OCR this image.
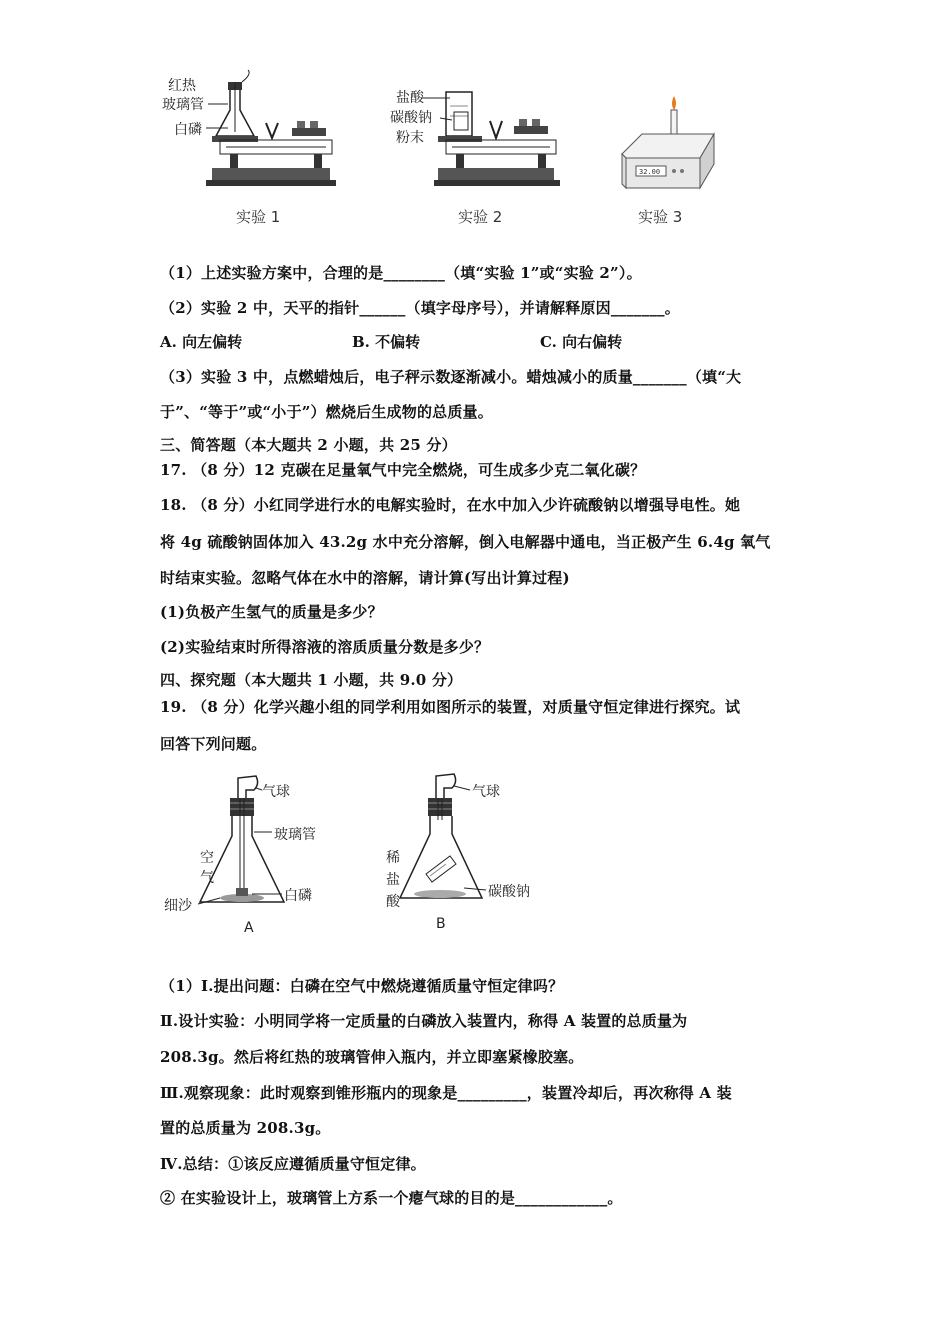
红热
玻璃管
白磷
实验 1
盐酸
碳酸钠
粉末
实验 2
32.00
实验 3
（1）上述实验方案中，合理的是________（填“实验 1”或“实验 2”）。
（2）实验 2 中，天平的指针______（填字母序号），并请解释原因_______。
A. 向左偏转	B. 不偏转	C. 向右偏转
（3）实验 3 中，点燃蜡烛后，电子秤示数逐渐减小。蜡烛减小的质量_______（填“大
于”、“等于”或“小于”）燃烧后生成物的总质量。
三、简答题（本大题共 2 小题，共 25 分）
17. （8 分）12 克碳在足量氧气中完全燃烧，可生成多少克二氧化碳？
18. （8 分）小红同学进行水的电解实验时，在水中加入少许硫酸钠以增强导电性。她
将 4g 硫酸钠固体加入 43.2g 水中充分溶解，倒入电解器中通电，当正极产生 6.4g 氧气
时结束实验。忽略气体在水中的溶解，请计算(写出计算过程)
(1)负极产生氢气的质量是多少？
(2)实验结束时所得溶液的溶质质量分数是多少？
四、探究题（本大题共 1 小题，共 9.0 分）
19. （8 分）化学兴趣小组的同学利用如图所示的装置，对质量守恒定律进行探究。试
回答下列问题。
气球
玻璃管
空
气
白磷
细沙
A
气球
稀
盐
酸
碳酸钠
B
（1）I.提出问题：白磷在空气中燃烧遵循质量守恒定律吗？
Ⅱ.设计实验：小明同学将一定质量的白磷放入装置内，称得 A 装置的总质量为
208.3g。然后将红热的玻璃管伸入瓶内，并立即塞紧橡胶塞。
Ⅲ.观察现象：此时观察到锥形瓶内的现象是_________，装置冷却后，再次称得 A 装
置的总质量为 208.3g。
Ⅳ.总结：①该反应遵循质量守恒定律。
② 在实验设计上，玻璃管上方系一个瘪气球的目的是____________。
